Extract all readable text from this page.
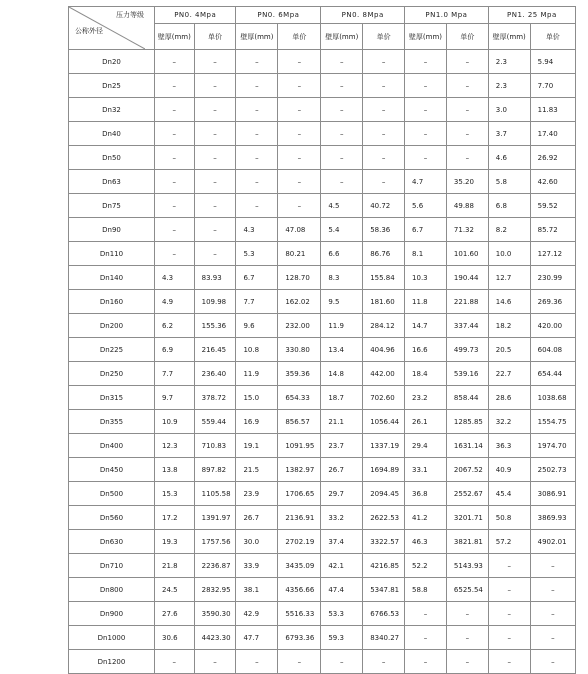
压力等级
公称外径	PN0. 4Mpa		PN0. 6Mpa		PN0. 8Mpa		PN1.0 Mpa		PN1. 25 Mpa	
	壁厚(mm)	单价	壁厚(mm)	单价	壁厚(mm)	单价	壁厚(mm)	单价	壁厚(mm)	单价
Dn20	–	–	–	–	–	–	–	–	2.3	5.94
Dn25	–	–	–	–	–	–	–	–	2.3	7.70
Dn32	–	–	–	–	–	–	–	–	3.0	11.83
Dn40	–	–	–	–	–	–	–	–	3.7	17.40
Dn50	–	–	–	–	–	–	–	–	4.6	26.92
Dn63	–	–	–	–	–	–	4.7	35.20	5.8	42.60
Dn75	–	–	–	–	4.5	40.72	5.6	49.88	6.8	59.52
Dn90	–	–	4.3	47.08	5.4	58.36	6.7	71.32	8.2	85.72
Dn110	–	–	5.3	80.21	6.6	86.76	8.1	101.60	10.0	127.12
Dn140	4.3	83.93	6.7	128.70	8.3	155.84	10.3	190.44	12.7	230.99
Dn160	4.9	109.98	7.7	162.02	9.5	181.60	11.8	221.88	14.6	269.36
Dn200	6.2	155.36	9.6	232.00	11.9	284.12	14.7	337.44	18.2	420.00
Dn225	6.9	216.45	10.8	330.80	13.4	404.96	16.6	499.73	20.5	604.08
Dn250	7.7	236.40	11.9	359.36	14.8	442.00	18.4	539.16	22.7	654.44
Dn315	9.7	378.72	15.0	654.33	18.7	702.60	23.2	858.44	28.6	1038.68
Dn355	10.9	559.44	16.9	856.57	21.1	1056.44	26.1	1285.85	32.2	1554.75
Dn400	12.3	710.83	19.1	1091.95	23.7	1337.19	29.4	1631.14	36.3	1974.70
Dn450	13.8	897.82	21.5	1382.97	26.7	1694.89	33.1	2067.52	40.9	2502.73
Dn500	15.3	1105.58	23.9	1706.65	29.7	2094.45	36.8	2552.67	45.4	3086.91
Dn560	17.2	1391.97	26.7	2136.91	33.2	2622.53	41.2	3201.71	50.8	3869.93
Dn630	19.3	1757.56	30.0	2702.19	37.4	3322.57	46.3	3821.81	57.2	4902.01
Dn710	21.8	2236.87	33.9	3435.09	42.1	4216.85	52.2	5143.93	–	–
Dn800	24.5	2832.95	38.1	4356.66	47.4	5347.81	58.8	6525.54	–	–
Dn900	27.6	3590.30	42.9	5516.33	53.3	6766.53	–	–	–	–
Dn1000	30.6	4423.30	47.7	6793.36	59.3	8340.27	–	–	–	–
Dn1200	–	–	–	–	–	–	–	–	–	–
